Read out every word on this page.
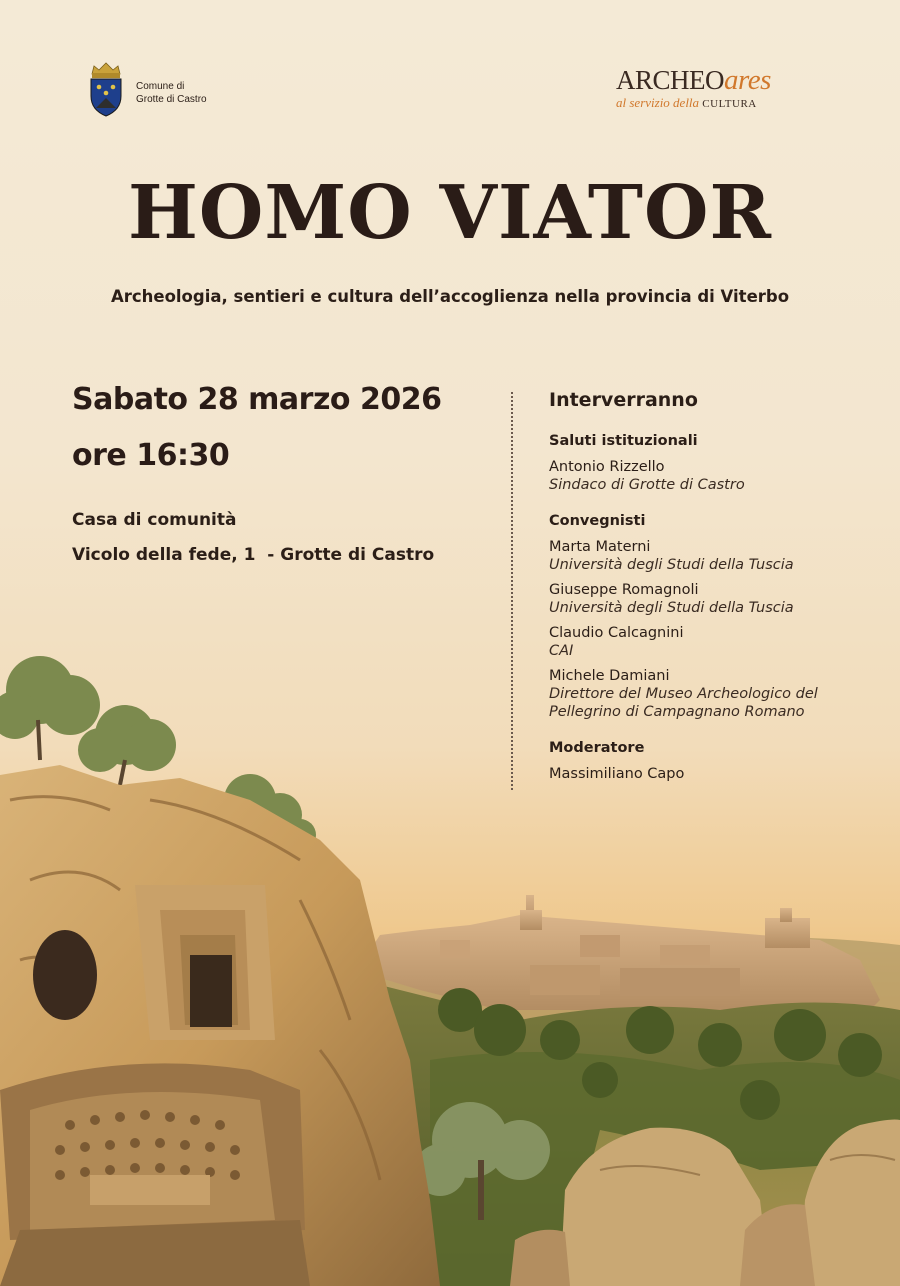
Comune di
Grotte di Castro
ARCHEOares
al servizio della CULTURA
HOMO VIATOR
Archeologia, sentieri e cultura dell’accoglienza nella provincia di Viterbo
Sabato 28 marzo 2026
ore 16:30
Casa di comunità
Vicolo della fede, 1  - Grotte di Castro
Interverranno
Saluti istituzionali
Antonio Rizzello
Sindaco di Grotte di Castro
Convegnisti
Marta Materni
Università degli Studi della Tuscia
Giuseppe Romagnoli
Università degli Studi della Tuscia
Claudio Calcagnini
CAI
Michele Damiani
Direttore del Museo Archeologico del
Pellegrino di Campagnano Romano
Moderatore
Massimiliano Capo
